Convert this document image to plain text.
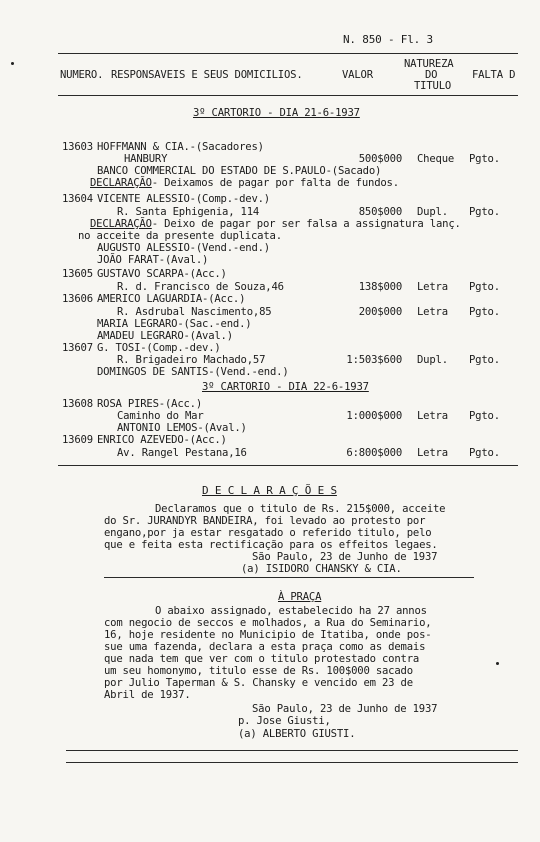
N. 850 - Fl. 3
NATUREZA
NUMERO. RESPONSAVEIS E SEUS DOMICILIOS.	VALOR	DO	FALTA D
TITULO
3º CARTORIO - DIA 21-6-1937
13603 HOFFMANN & CIA.-(Sacadores)
HANBURY	500$000 Cheque	Pgto.
BANCO COMMERCIAL DO ESTADO DE S.PAULO-(Sacado)
DECLARAÇÃO- Deixamos de pagar por falta de fundos.
13604 VICENTE ALESSIO-(Comp.-dev.)
R. Santa Ephigenia, 114	850$000 Dupl.	Pgto.
DECLARAÇÃO- Deixo de pagar por ser falsa a assignatura lanç.
no acceite da presente duplicata.
AUGUSTO ALESSIO-(Vend.-end.)
JOÃO FARAT-(Aval.)
13605 GUSTAVO SCARPA-(Acc.)
R. d. Francisco de Souza,46	138$000 Letra	Pgto.
13606 AMERICO LAGUARDIA-(Acc.)
R. Asdrubal Nascimento,85	200$000 Letra	Pgto.
MARIA LEGRARO-(Sac.-end.)
AMADEU LEGRARO-(Aval.)
13607 G. TOSI-(Comp.-dev.)
R. Brigadeiro Machado,57	1:503$600 Dupl.	Pgto.
DOMINGOS DE SANTIS-(Vend.-end.)
3º CARTORIO - DIA 22-6-1937
13608 ROSA PIRES-(Acc.)
Caminho do Mar	1:000$000 Letra	Pgto.
ANTONIO LEMOS-(Aval.)
13609 ENRICO AZEVEDO-(Acc.)
Av. Rangel Pestana,16	6:800$000 Letra	Pgto.
D E C L A R A Ç Õ E S
Declaramos que o titulo de Rs. 215$000, acceite
do Sr. JURANDYR BANDEIRA, foi levado ao protesto por
engano,por ja estar resgatado o referido titulo, pelo
que e feita esta rectificação para os effeitos legaes.
São Paulo, 23 de Junho de 1937
(a) ISIDORO CHANSKY & CIA.
À PRAÇA
O abaixo assignado, estabelecido ha 27 annos
com negocio de seccos e molhados, a Rua do Seminario,
16, hoje residente no Municipio de Itatiba, onde pos-
sue uma fazenda, declara a esta praça como as demais
que nada tem que ver com o titulo protestado contra
um seu homonymo, titulo esse de Rs. 100$000 sacado
por Julio Taperman & S. Chansky e vencido em 23 de
Abril de 1937.
São Paulo, 23 de Junho de 1937
p. Jose Giusti,
(a) ALBERTO GIUSTI.
